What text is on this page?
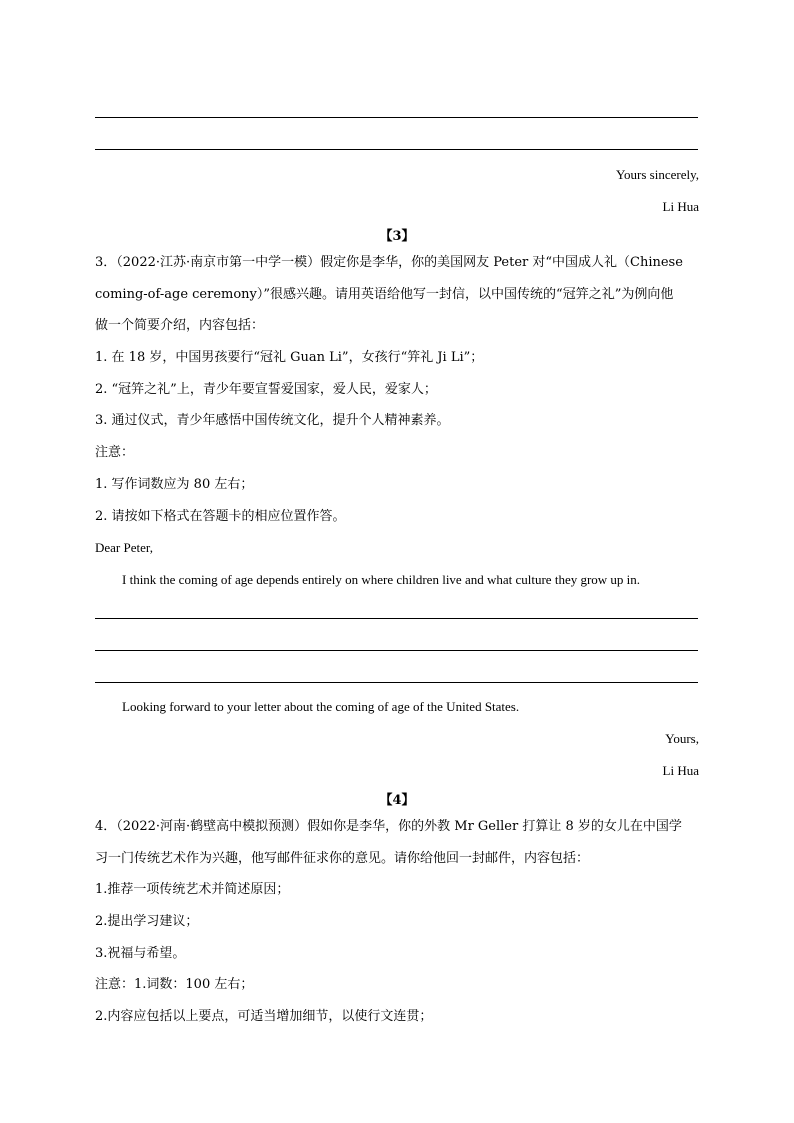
Yours sincerely,
Li Hua
【3】
3．（2022·江苏·南京市第一中学一模）假定你是李华，你的美国网友 Peter 对“中国成人礼（Chinese
coming-of-age ceremony）”很感兴趣。请用英语给他写一封信，以中国传统的“冠笄之礼”为例向他
做一个简要介绍，内容包括：
1. 在 18 岁，中国男孩要行“冠礼 Guan Li”，女孩行“笄礼 Ji Li”；
2. “冠笄之礼”上，青少年要宣誓爱国家，爱人民，爱家人；
3. 通过仪式，青少年感悟中国传统文化，提升个人精神素养。
注意：
1. 写作词数应为 80 左右；
2. 请按如下格式在答题卡的相应位置作答。
Dear Peter,
I think the coming of age depends entirely on where children live and what culture they grow up in.
Looking forward to your letter about the coming of age of the United States.
Yours,
Li Hua
【4】
4．（2022·河南·鹤壁高中模拟预测）假如你是李华，你的外教 Mr Geller 打算让 8 岁的女儿在中国学
习一门传统艺术作为兴趣，他写邮件征求你的意见。请你给他回一封邮件，内容包括：
1.推荐一项传统艺术并简述原因；
2.提出学习建议；
3.祝福与希望。
注意：1.词数：100 左右；
2.内容应包括以上要点，可适当增加细节，以使行文连贯；
